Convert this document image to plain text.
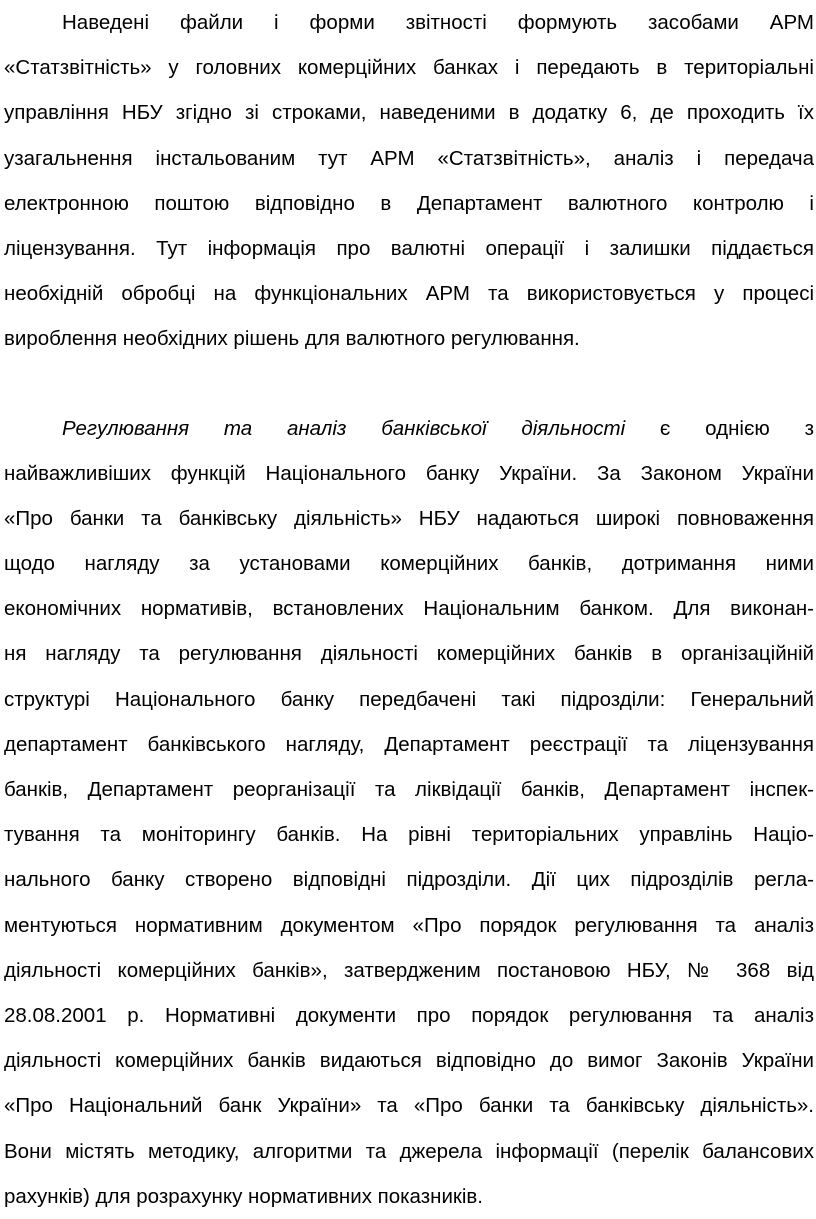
Наведені файли і форми звітності формують засобами АРМ
«Статзвітність» у головних комерційних банках і передають в територіальні
управління НБУ згідно зі строками, наведеними в додатку 6, де проходить їх
узагальнення інстальованим тут АРМ «Статзвітність», аналіз і передача
електронною поштою відповідно в Департамент валютного контролю і
ліцензування. Тут інформація про валютні операції і залишки піддається
необхідній обробці на функціональних АРМ та використовується у процесі
вироблення необхідних рішень для валютного регулювання.
Регулювання та аналіз банківської діяльності є однією з
найважливіших функцій Національного банку України. За Законом України
«Про банки та банківську діяльність» НБУ надаються широкі повноваження
щодо нагляду за установами комерційних банків, дотримання ними
економічних нормативів, встановлених Національним банком. Для виконан-
ня нагляду та регулювання діяльності комерційних банків в організаційній
структурі Національного банку передбачені такі підрозділи: Генеральний
департамент банківського нагляду, Департамент реєстрації та ліцензування
банків, Департамент реорганізації та ліквідації банків, Департамент інспек-
тування та моніторингу банків. На рівні територіальних управлінь Націо-
нального банку створено відповідні підрозділи. Дії цих підрозділів регла-
ментуються нормативним документом «Про порядок регулювання та аналіз
діяльності комерційних банків», затвердженим постановою НБУ, № 368 від
28.08.2001 р. Нормативні документи про порядок регулювання та аналіз
діяльності комерційних банків видаються відповідно до вимог Законів України
«Про Національний банк України» та «Про банки та банківську діяльність».
Вони містять методику, алгоритми та джерела інформації (перелік балансових
рахунків) для розрахунку нормативних показників.
